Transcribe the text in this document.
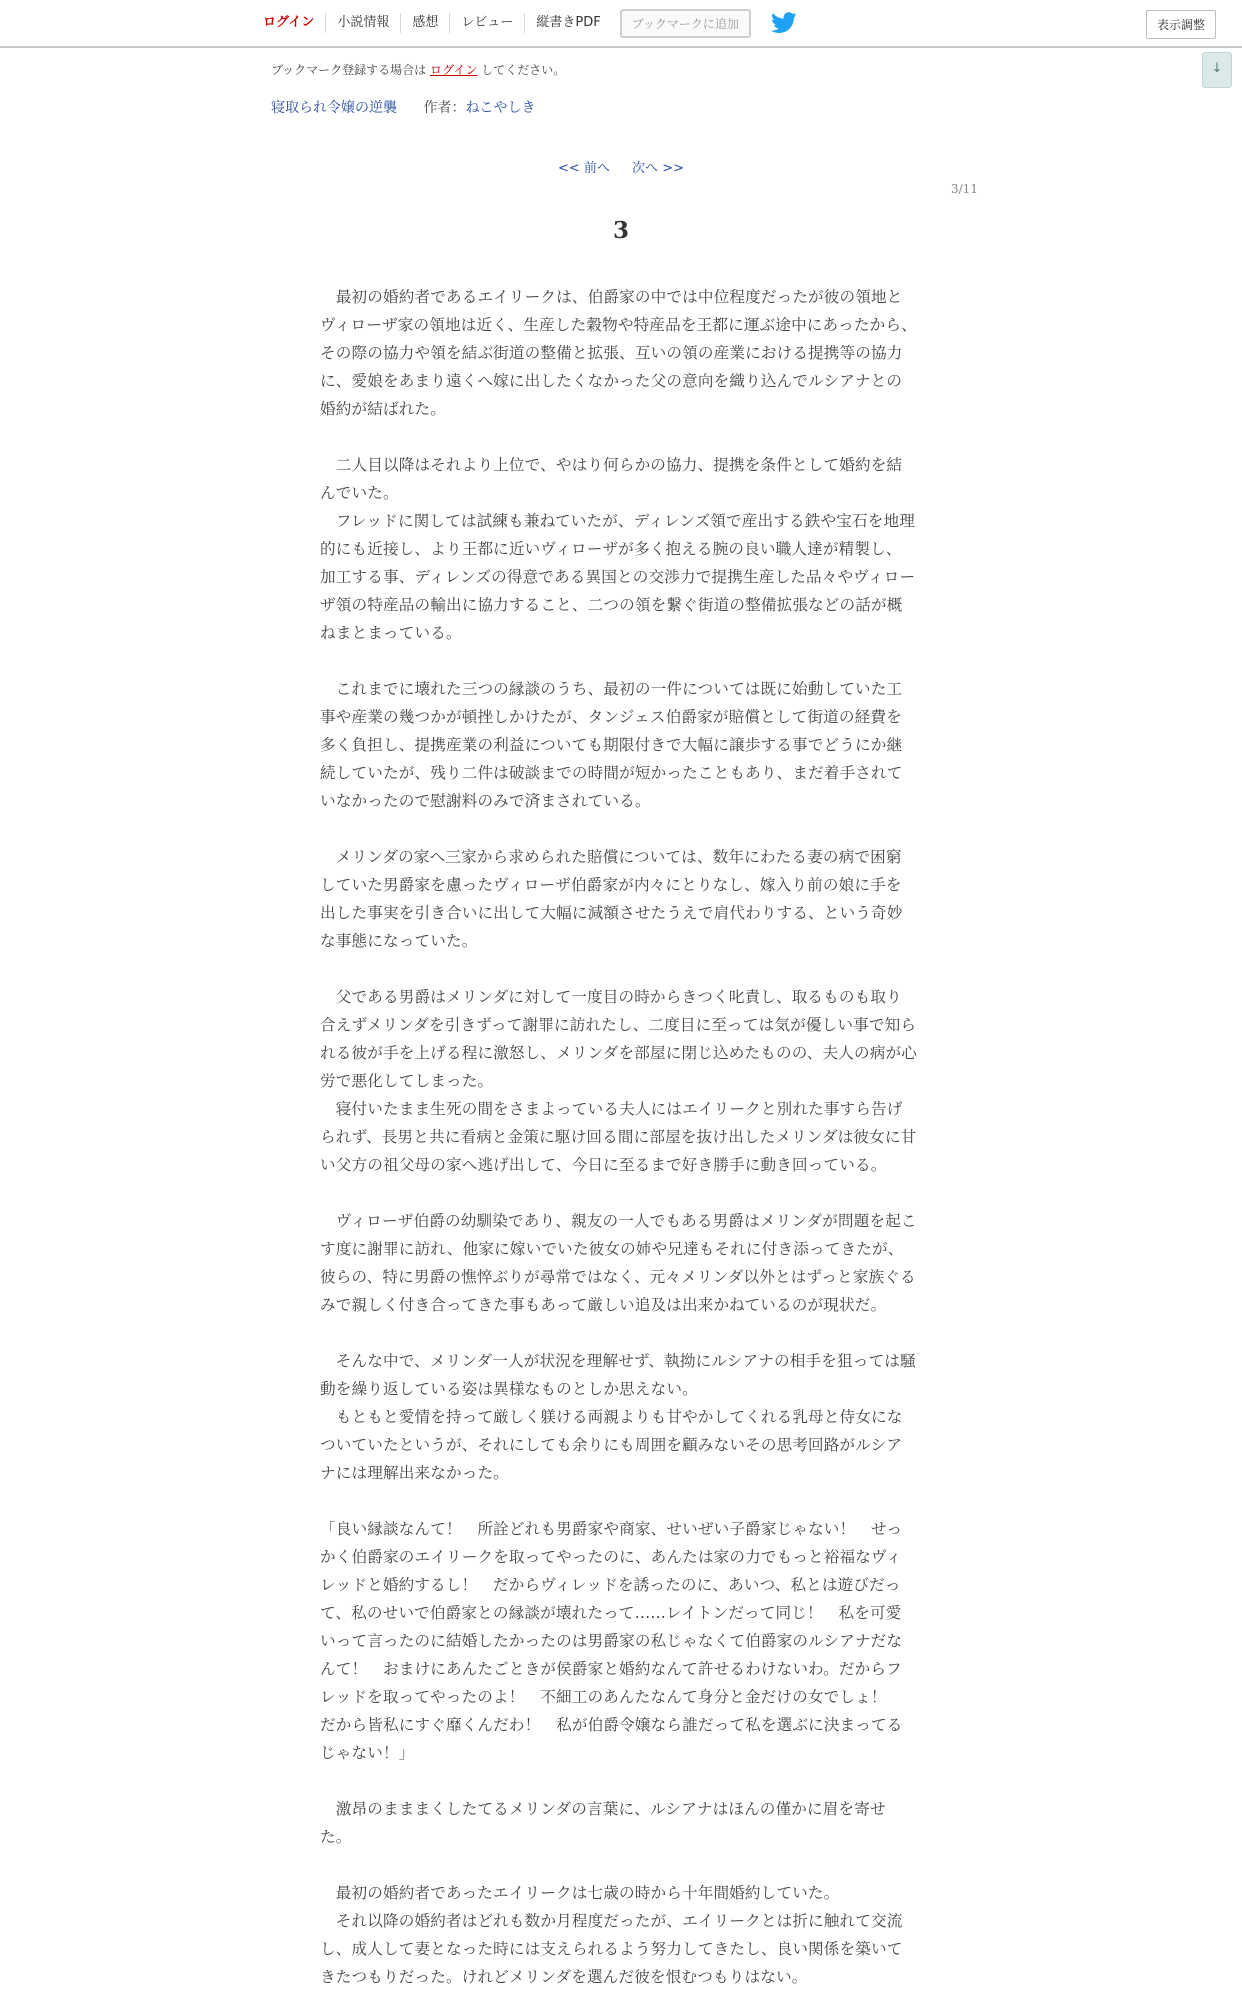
ログイン	小説情報	感想	レビュー	縦書きPDF	ブックマークに追加	表示調整
↓
ブックマーク登録する場合は ログイン してください。
寝取られ令嬢の逆襲 作者：ねこやしき
<< 前へ 次へ >>
3/11
3

　最初の婚約者であるエイリークは、伯爵家の中では中位程度だったが彼の領地とヴィローザ家の領地は近く、生産した穀物や特産品を王都に運ぶ途中にあったから、その際の協力や領を結ぶ街道の整備と拡張、互いの領の産業における提携等の協力に、愛娘をあまり遠くへ嫁に出したくなかった父の意向を織り込んでルシアナとの婚約が結ばれた。

　二人目以降はそれより上位で、やはり何らかの協力、提携を条件として婚約を結んでいた。

　フレッドに関しては試練も兼ねていたが、ディレンズ領で産出する鉄や宝石を地理的にも近接し、より王都に近いヴィローザが多く抱える腕の良い職人達が精製し、加工する事、ディレンズの得意である異国との交渉力で提携生産した品々やヴィローザ領の特産品の輸出に協力すること、二つの領を繋ぐ街道の整備拡張などの話が概ねまとまっている。

　これまでに壊れた三つの縁談のうち、最初の一件については既に始動していた工事や産業の幾つかが頓挫しかけたが、タンジェス伯爵家が賠償として街道の経費を多く負担し、提携産業の利益についても期限付きで大幅に譲歩する事でどうにか継続していたが、残り二件は破談までの時間が短かったこともあり、まだ着手されていなかったので慰謝料のみで済まされている。

　メリンダの家へ三家から求められた賠償については、数年にわたる妻の病で困窮していた男爵家を慮ったヴィローザ伯爵家が内々にとりなし、嫁入り前の娘に手を出した事実を引き合いに出して大幅に減額させたうえで肩代わりする、という奇妙な事態になっていた。

　父である男爵はメリンダに対して一度目の時からきつく叱責し、取るものも取り合えずメリンダを引きずって謝罪に訪れたし、二度目に至っては気が優しい事で知られる彼が手を上げる程に激怒し、メリンダを部屋に閉じ込めたものの、夫人の病が心労で悪化してしまった。

　寝付いたまま生死の間をさまよっている夫人にはエイリークと別れた事すら告げられず、長男と共に看病と金策に駆け回る間に部屋を抜け出したメリンダは彼女に甘い父方の祖父母の家へ逃げ出して、今日に至るまで好き勝手に動き回っている。

　ヴィローザ伯爵の幼馴染であり、親友の一人でもある男爵はメリンダが問題を起こす度に謝罪に訪れ、他家に嫁いでいた彼女の姉や兄達もそれに付き添ってきたが、彼らの、特に男爵の憔悴ぶりが尋常ではなく、元々メリンダ以外とはずっと家族ぐるみで親しく付き合ってきた事もあって厳しい追及は出来かねているのが現状だ。

　そんな中で、メリンダ一人が状況を理解せず、執拗にルシアナの相手を狙っては騒動を繰り返している姿は異様なものとしか思えない。

　もともと愛情を持って厳しく躾ける両親よりも甘やかしてくれる乳母と侍女になついていたというが、それにしても余りにも周囲を顧みないその思考回路がルシアナには理解出来なかった。

「良い縁談なんて！　所詮どれも男爵家や商家、せいぜい子爵家じゃない！　せっかく伯爵家のエイリークを取ってやったのに、あんたは家の力でもっと裕福なヴィレッドと婚約するし！　だからヴィレッドを誘ったのに、あいつ、私とは遊びだって、私のせいで伯爵家との縁談が壊れたって……レイトンだって同じ！　私を可愛いって言ったのに結婚したかったのは男爵家の私じゃなくて伯爵家のルシアナだなんて！　おまけにあんたごときが侯爵家と婚約なんて許せるわけないわ。だからフレッドを取ってやったのよ！　不細工のあんたなんて身分と金だけの女でしょ！　だから皆私にすぐ靡くんだわ！　私が伯爵令嬢なら誰だって私を選ぶに決まってるじゃない！」

　激昂のまままくしたてるメリンダの言葉に、ルシアナはほんの僅かに眉を寄せた。

　最初の婚約者であったエイリークは七歳の時から十年間婚約していた。

　それ以降の婚約者はどれも数か月程度だったが、エイリークとは折に触れて交流し、成人して妻となった時には支えられるよう努力してきたし、良い関係を築いてきたつもりだった。けれどメリンダを選んだ彼を恨むつもりはない。
